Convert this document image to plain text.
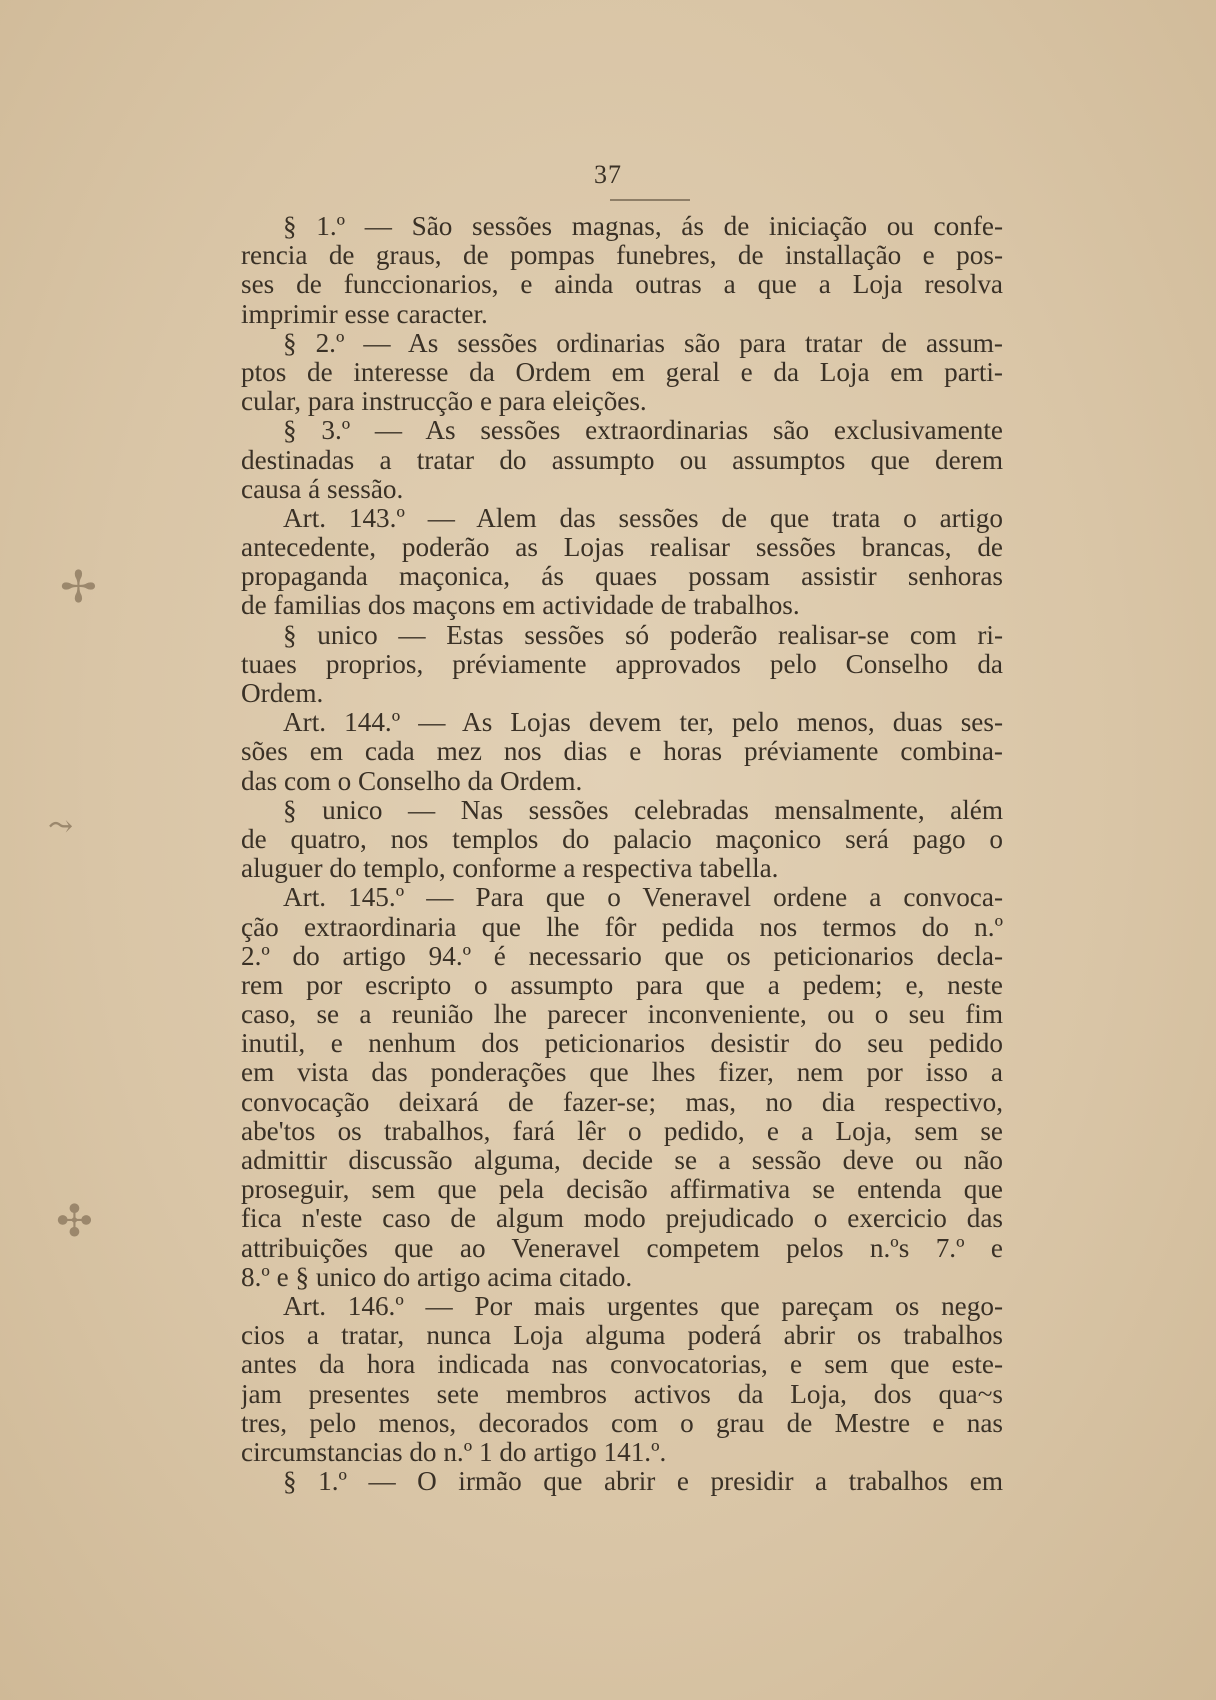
37
✢
⤳
✣
§ 1.º — São sessões magnas, ás de iniciação ou confe-
rencia de graus, de pompas funebres, de installação e pos-
ses de funccionarios, e ainda outras a que a Loja resolva
imprimir esse caracter.
§ 2.º — As sessões ordinarias são para tratar de assum-
ptos de interesse da Ordem em geral e da Loja em parti-
cular, para instrucção e para eleições.
§ 3.º — As sessões extraordinarias são exclusivamente
destinadas a tratar do assumpto ou assumptos que derem
causa á sessão.
Art. 143.º — Alem das sessões de que trata o artigo
antecedente, poderão as Lojas realisar sessões brancas, de
propaganda maçonica, ás quaes possam assistir senhoras
de familias dos maçons em actividade de trabalhos.
§ unico — Estas sessões só poderão realisar-se com ri-
tuaes proprios, préviamente approvados pelo Conselho da
Ordem.
Art. 144.º — As Lojas devem ter, pelo menos, duas ses-
sões em cada mez nos dias e horas préviamente combina-
das com o Conselho da Ordem.
§ unico — Nas sessões celebradas mensalmente, além
de quatro, nos templos do palacio maçonico será pago o
aluguer do templo, conforme a respectiva tabella.
Art. 145.º — Para que o Veneravel ordene a convoca-
ção extraordinaria que lhe fôr pedida nos termos do n.º
2.º do artigo 94.º é necessario que os peticionarios decla-
rem por escripto o assumpto para que a pedem; e, neste
caso, se a reunião lhe parecer inconveniente, ou o seu fim
inutil, e nenhum dos peticionarios desistir do seu pedido
em vista das ponderações que lhes fizer, nem por isso a
convocação deixará de fazer-se; mas, no dia respectivo,
abe'tos os trabalhos, fará lêr o pedido, e a Loja, sem se
admittir discussão alguma, decide se a sessão deve ou não
proseguir, sem que pela decisão affirmativa se entenda que
fica n'este caso de algum modo prejudicado o exercicio das
attribuições que ao Veneravel competem pelos n.ºs 7.º e
8.º e § unico do artigo acima citado.
Art. 146.º — Por mais urgentes que pareçam os nego-
cios a tratar, nunca Loja alguma poderá abrir os trabalhos
antes da hora indicada nas convocatorias, e sem que este-
jam presentes sete membros activos da Loja, dos qua~s
tres, pelo menos, decorados com o grau de Mestre e nas
circumstancias do n.º 1 do artigo 141.º.
§ 1.º — O irmão que abrir e presidir a trabalhos em
